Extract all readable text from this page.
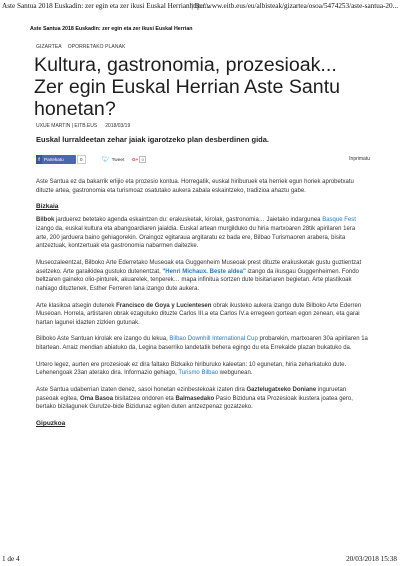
Aste Santua 2018 Euskadin: zer egin eta zer ikusi Euskal Herrian | Ber...
http://www.eitb.eus/eu/albisteak/gizartea/osoa/5474253/aste-santua-20...
Aste Santua 2018 Euskadin: zer egin eta zer ikusi Euskal Herrian
GIZARTEA OPORRETAKO PLANAK
Kultura, gastronomia, prozesioak... Zer egin Euskal Herrian Aste Santu honetan?
UXUE MARTIN | EITB.EUS 2018/03/19
Euskal lurraldeetan zehar jaiak igarotzeko plan desberdinen gida.
f Partekatu	0	🐦︎ Tweet G+ 0	Inprimatu

Aste Santua ez da bakarrik erlijio eta prozesio kontua. Horregatik, euskal hiriburuek eta herriek egun horiek aprobetxatu dituzte artea, gastronomia eta turismoaz osatutako aukera zabala eskaintzeko, tradizioa ahaztu gabe.

Bizkaia

Bilbok jarduerez betetako agenda eskaintzen du: erakusketak, kirolak, gastronomia… Jaietako indargunea Basque Fest izango da, euskal kultura eta abangoardiaren jaialdia. Euskal artean murgilduko du hiria martxoaren 28tik apirilaren 1era arte, 200 jarduera baino gehiagorekin. Oraingoz egitaraua argitaratu ez bada ere, Bilbao Turismaoren arabera, bisita antzeztuak, kontzertuak eta gastronomia nabarmen daitezke.

Museozaleentzat, Bilboko Arte Ederretako Museoak eta Guggenheim Museoak prest dituzte erakusketak gustu guztientzat asetzeko. Arte garaikidea gustuko dutenentzat, "Henri Michaux. Beste aldea" izango da ikusgau Guggenheimen. Fondo beltzaren gaineko olio-pinturek, akuarelek, tenperek… mapa infinitua sortzen dute bisitariaren begietan. Arte plastikoak nahiago dituztenek, Esther Ferreren lana izango dute aukera.

Arte klasikoa atsegin dutenek Francisco de Goya y Lucientesen obrak ikusteko aukera izango dute Bilboko Arte Ederren Museoan. Horrela, artistaren obrak ezagutuko dituzte Carlos III.a eta Carlos IV.a erregeen gortean egon zenean, eta garai hartan lagunei idazten zizkien gutunak.

Bilboko Aste Santuan kirolak ere izango du lekua, Bilbao Downhill International Cup probarekin, martxoaren 30a apirilaren 1a bitartean. Arraiz mendian abiatuko da, Legina baserriko landetatik behera egingo du eta Errekalde plazan bukatuko da.

Urtero legez, aurten ere prozesioak ez dira faltako Bizkaiko hiriburuko kaleetan: 10 egunetan, hiria zeharkatuko dute. Lehenengoak 23an aterako dira. Informazio gehiago, Turismo Bilbao webgunean.

Aste Santua udaberrian izaten denez, sasoi honetan ezinbestekoak izaten dira Gaztelugatxeko Doniane inguruetan paseoak egitea, Oma Basoa bisitatzea ondoren eta Balmasedako Pasio Bizidunа eta Prozesioak ikustera joatea gero, bertako bizilagunek Gurutze-bide Bizidunaz egiten duten antzezpenaz gozatzeko.

Gipuzkoa
1 de 4	20/03/2018 15:38
